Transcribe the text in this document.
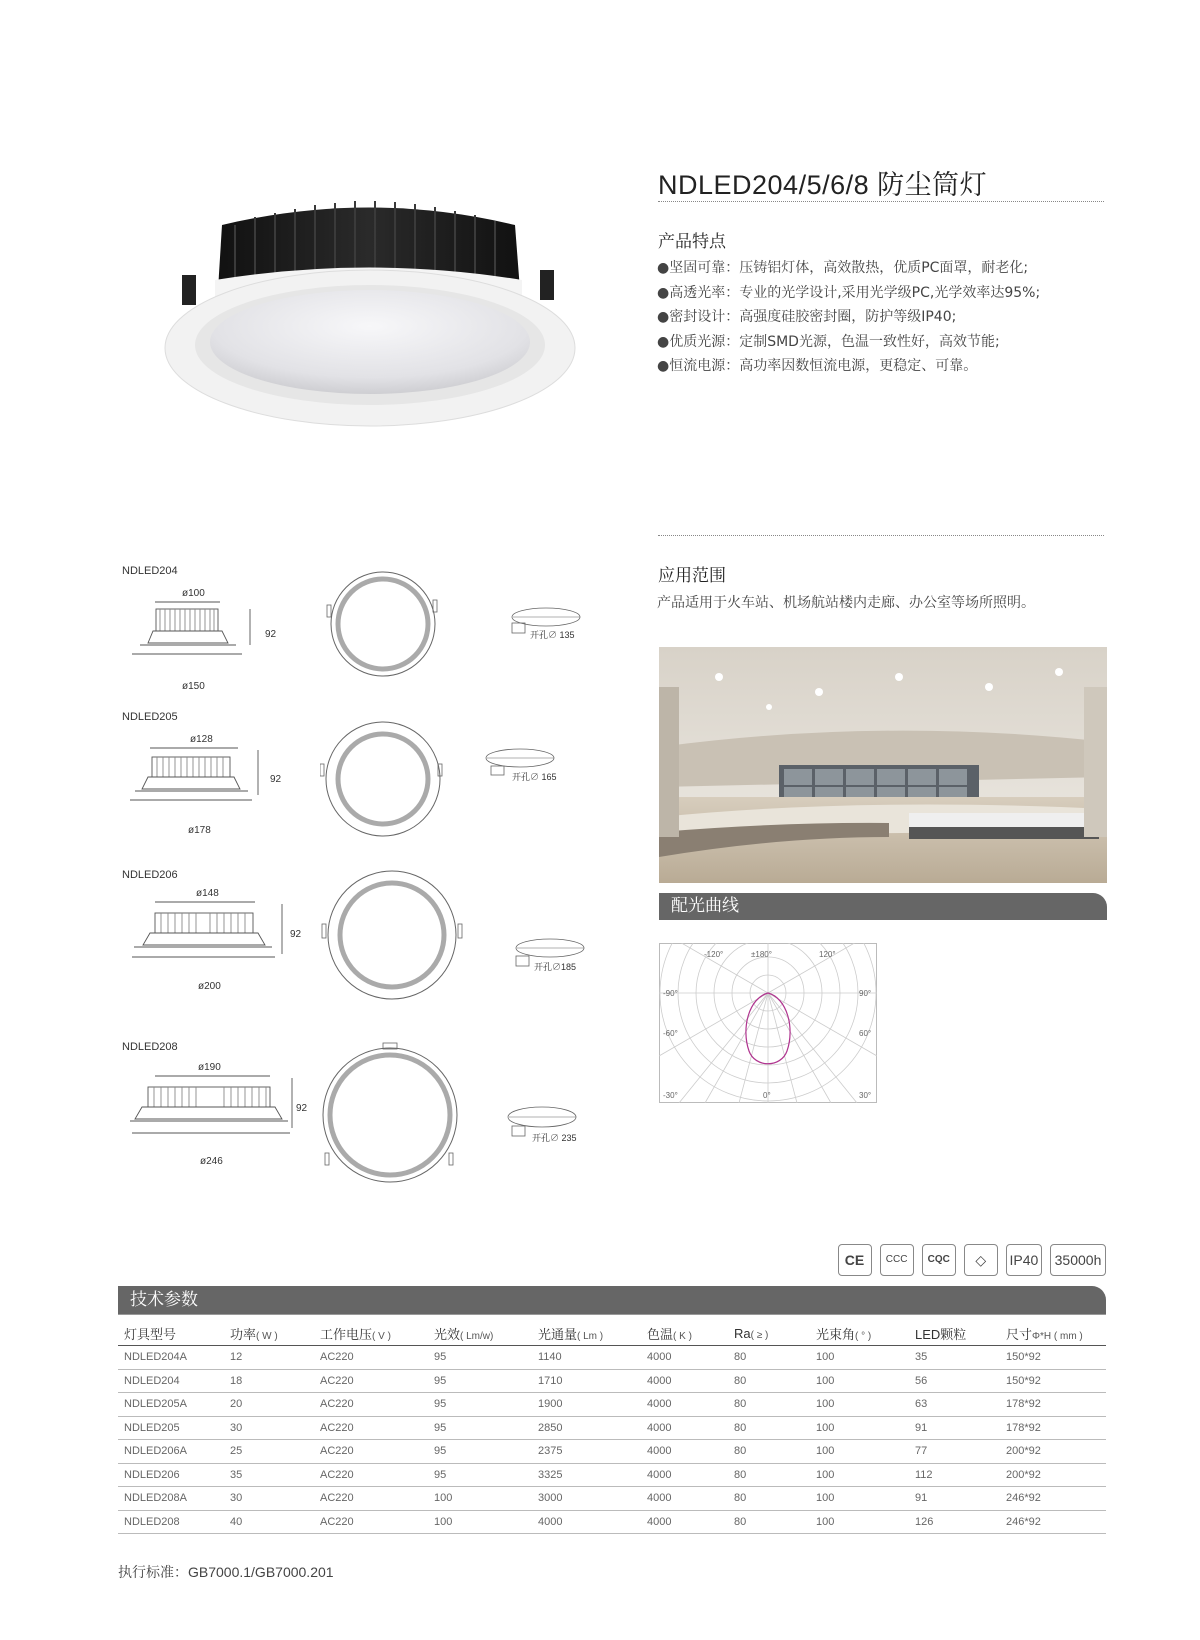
NDLED204/5/6/8 防尘筒灯
产品特点
●坚固可靠：压铸铝灯体，高效散热，优质PC面罩，耐老化;
●高透光率：专业的光学设计,采用光学级PC,光学效率达95%;
●密封设计：高强度硅胶密封圈，防护等级IP40;
●优质光源：定制SMD光源，色温一致性好，高效节能;
●恒流电源：高功率因数恒流电源，更稳定、可靠。
应用范围
产品适用于火车站、机场航站楼内走廊、办公室等场所照明。
配光曲线
-120°	±180°	120°
-90°	90°
-60°	60°
-30°	0°	30°
NDLED204
ø100
92
ø150
开孔∅ 135
NDLED205
ø128
92
ø178
开孔∅ 165
NDLED206
ø148
92
ø200
开孔∅185
NDLED208
ø190
92
ø246
开孔∅ 235
CE CCC CQC ◇ IP40 35000h
技术参数
灯具型号	功率( W )	工作电压( V )	光效( Lm/w)	光通量( Lm )	色温( K )	Ra( ≥ )	光束角( ° )	LED颗粒	尺寸Φ*H ( mm )
NDLED204A	12	AC220	95	1140	4000	80	100	35	150*92
NDLED204	18	AC220	95	1710	4000	80	100	56	150*92
NDLED205A	20	AC220	95	1900	4000	80	100	63	178*92
NDLED205	30	AC220	95	2850	4000	80	100	91	178*92
NDLED206A	25	AC220	95	2375	4000	80	100	77	200*92
NDLED206	35	AC220	95	3325	4000	80	100	112	200*92
NDLED208A	30	AC220	100	3000	4000	80	100	91	246*92
NDLED208	40	AC220	100	4000	4000	80	100	126	246*92
执行标准：GB7000.1/GB7000.201
